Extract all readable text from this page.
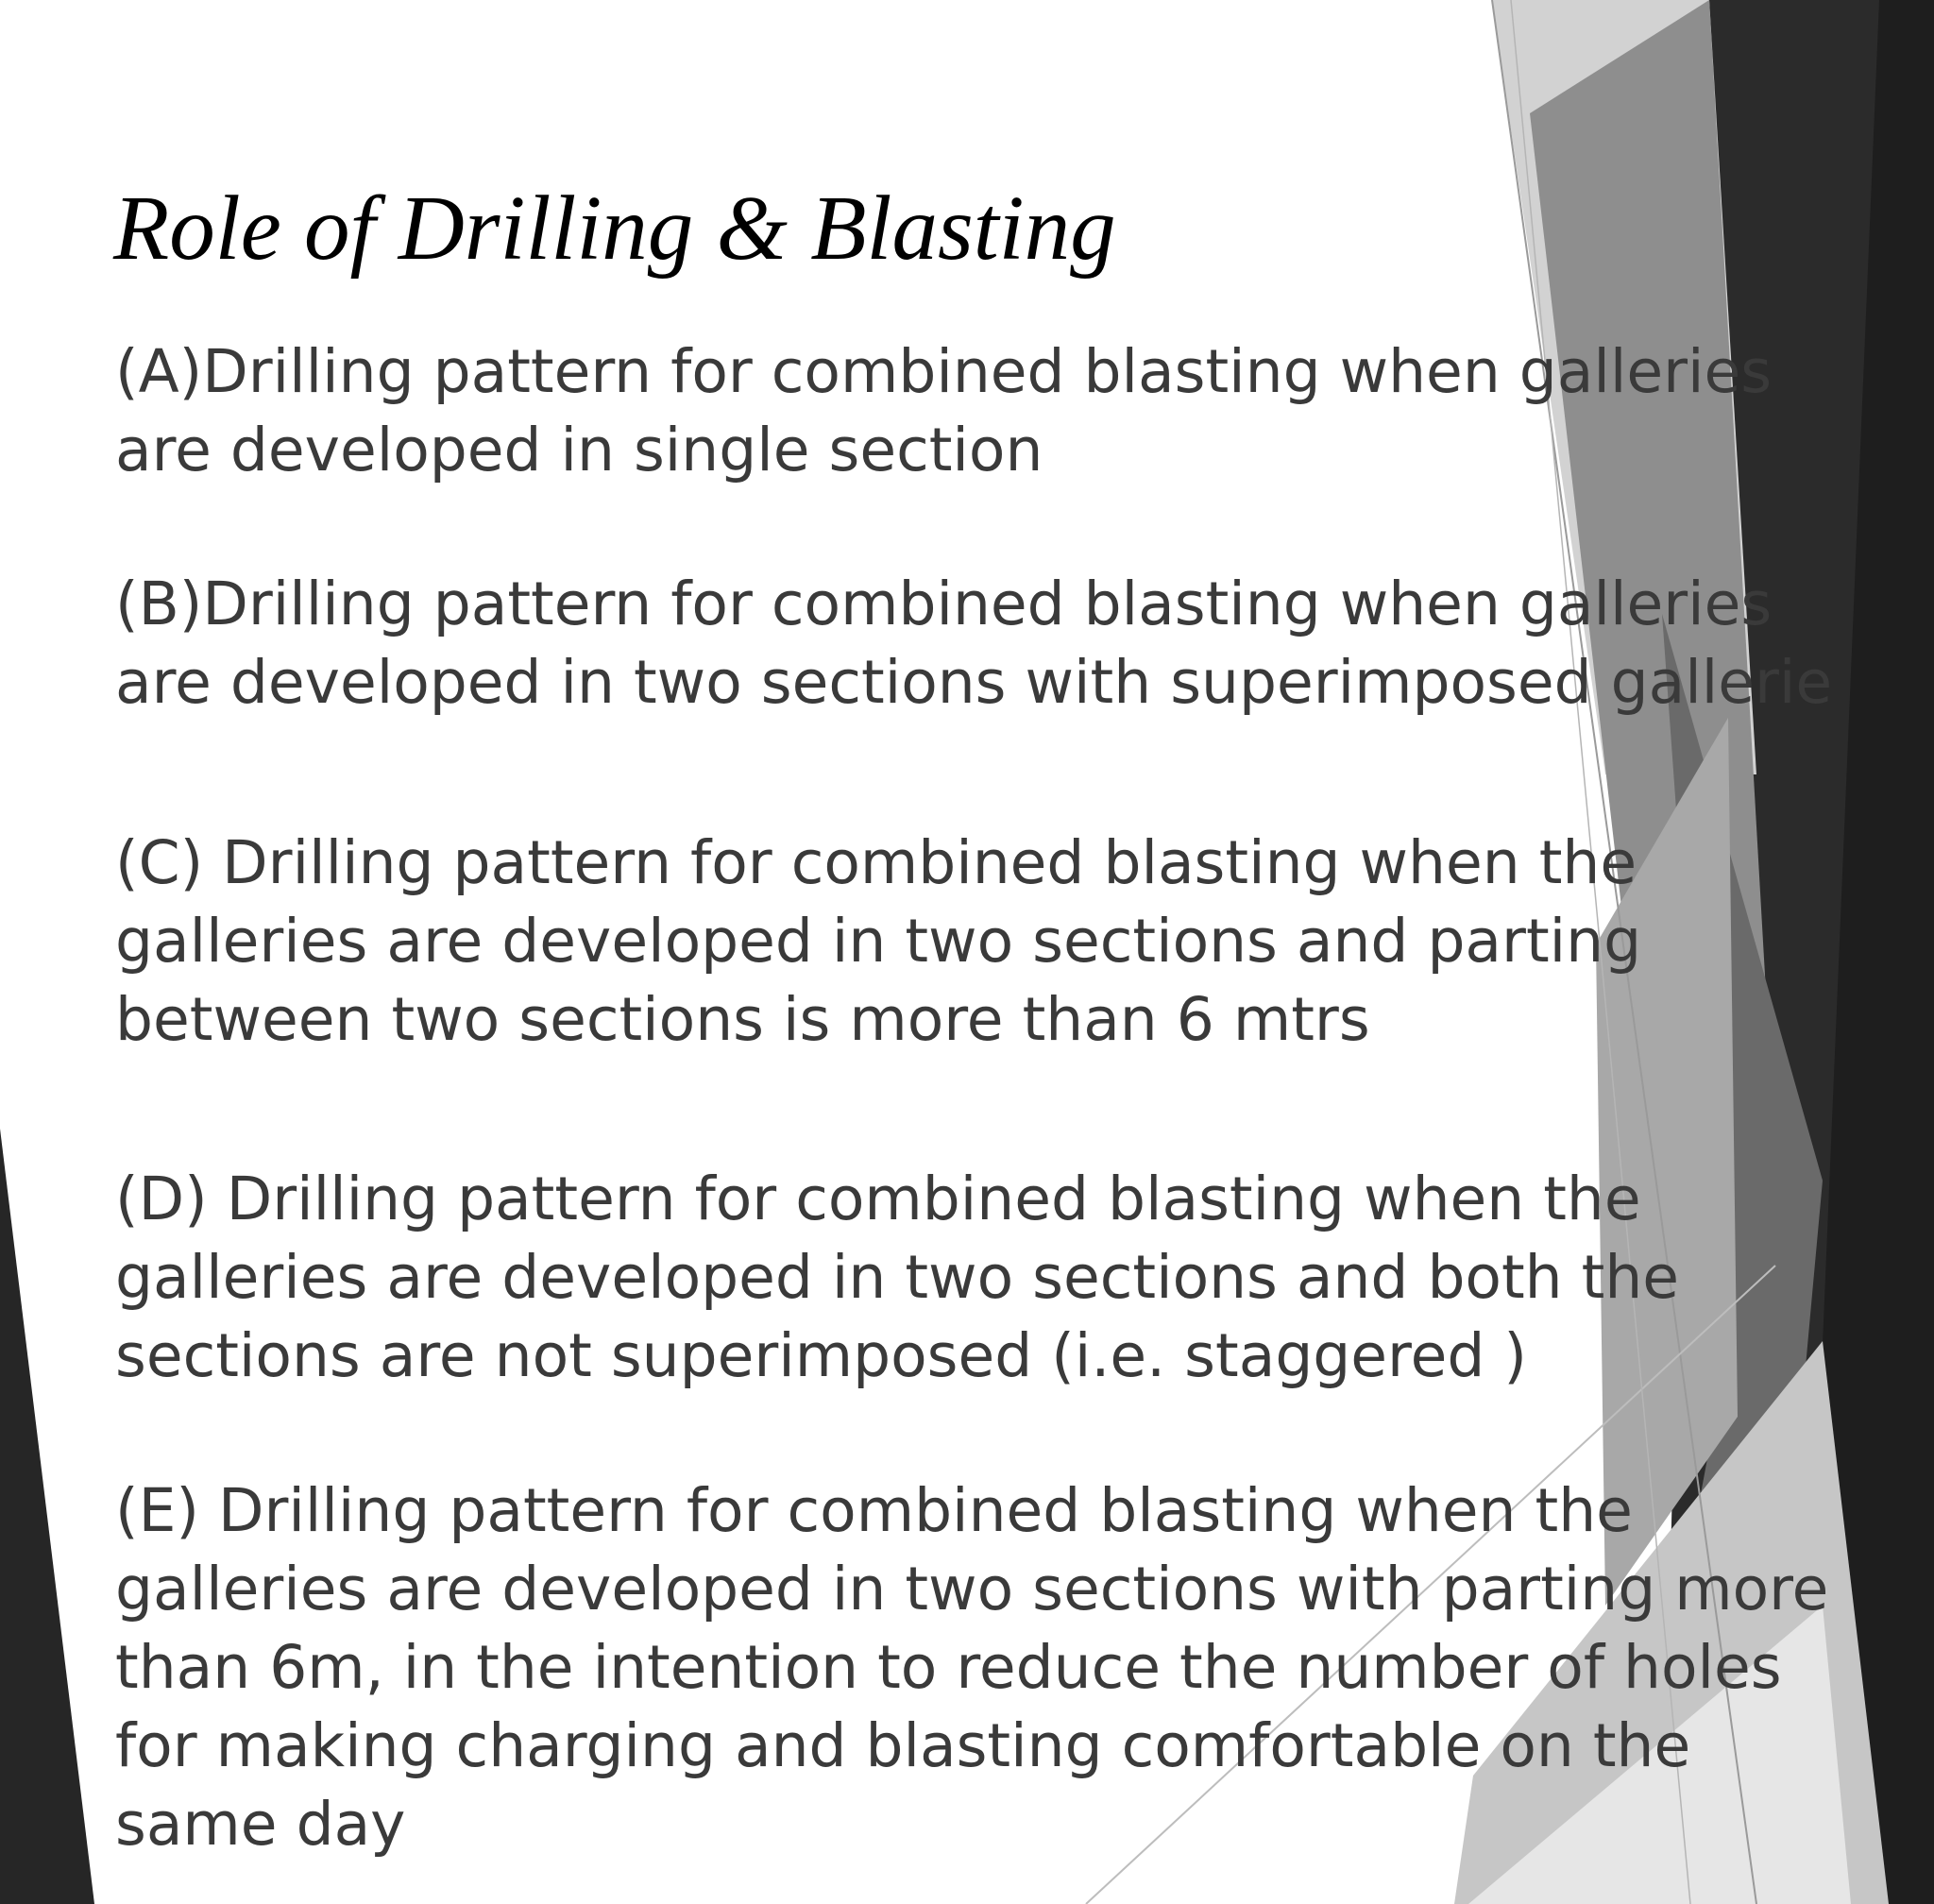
Role of Drilling & Blasting

(A)Drilling pattern for combined blasting when galleries
are developed in single section

(B)Drilling pattern for combined blasting when galleries
are developed in two sections with superimposed gallerie

(C) Drilling pattern for combined blasting when the
galleries are developed in two sections and parting
between two sections is more than 6 mtrs

(D) Drilling pattern for combined blasting when the
galleries are developed in two sections and both the
sections are not superimposed (i.e. staggered )

(E) Drilling pattern for combined blasting when the
galleries are developed in two sections with parting more
than 6m, in the intention to reduce the number of holes
for making charging and blasting comfortable on the
same day
